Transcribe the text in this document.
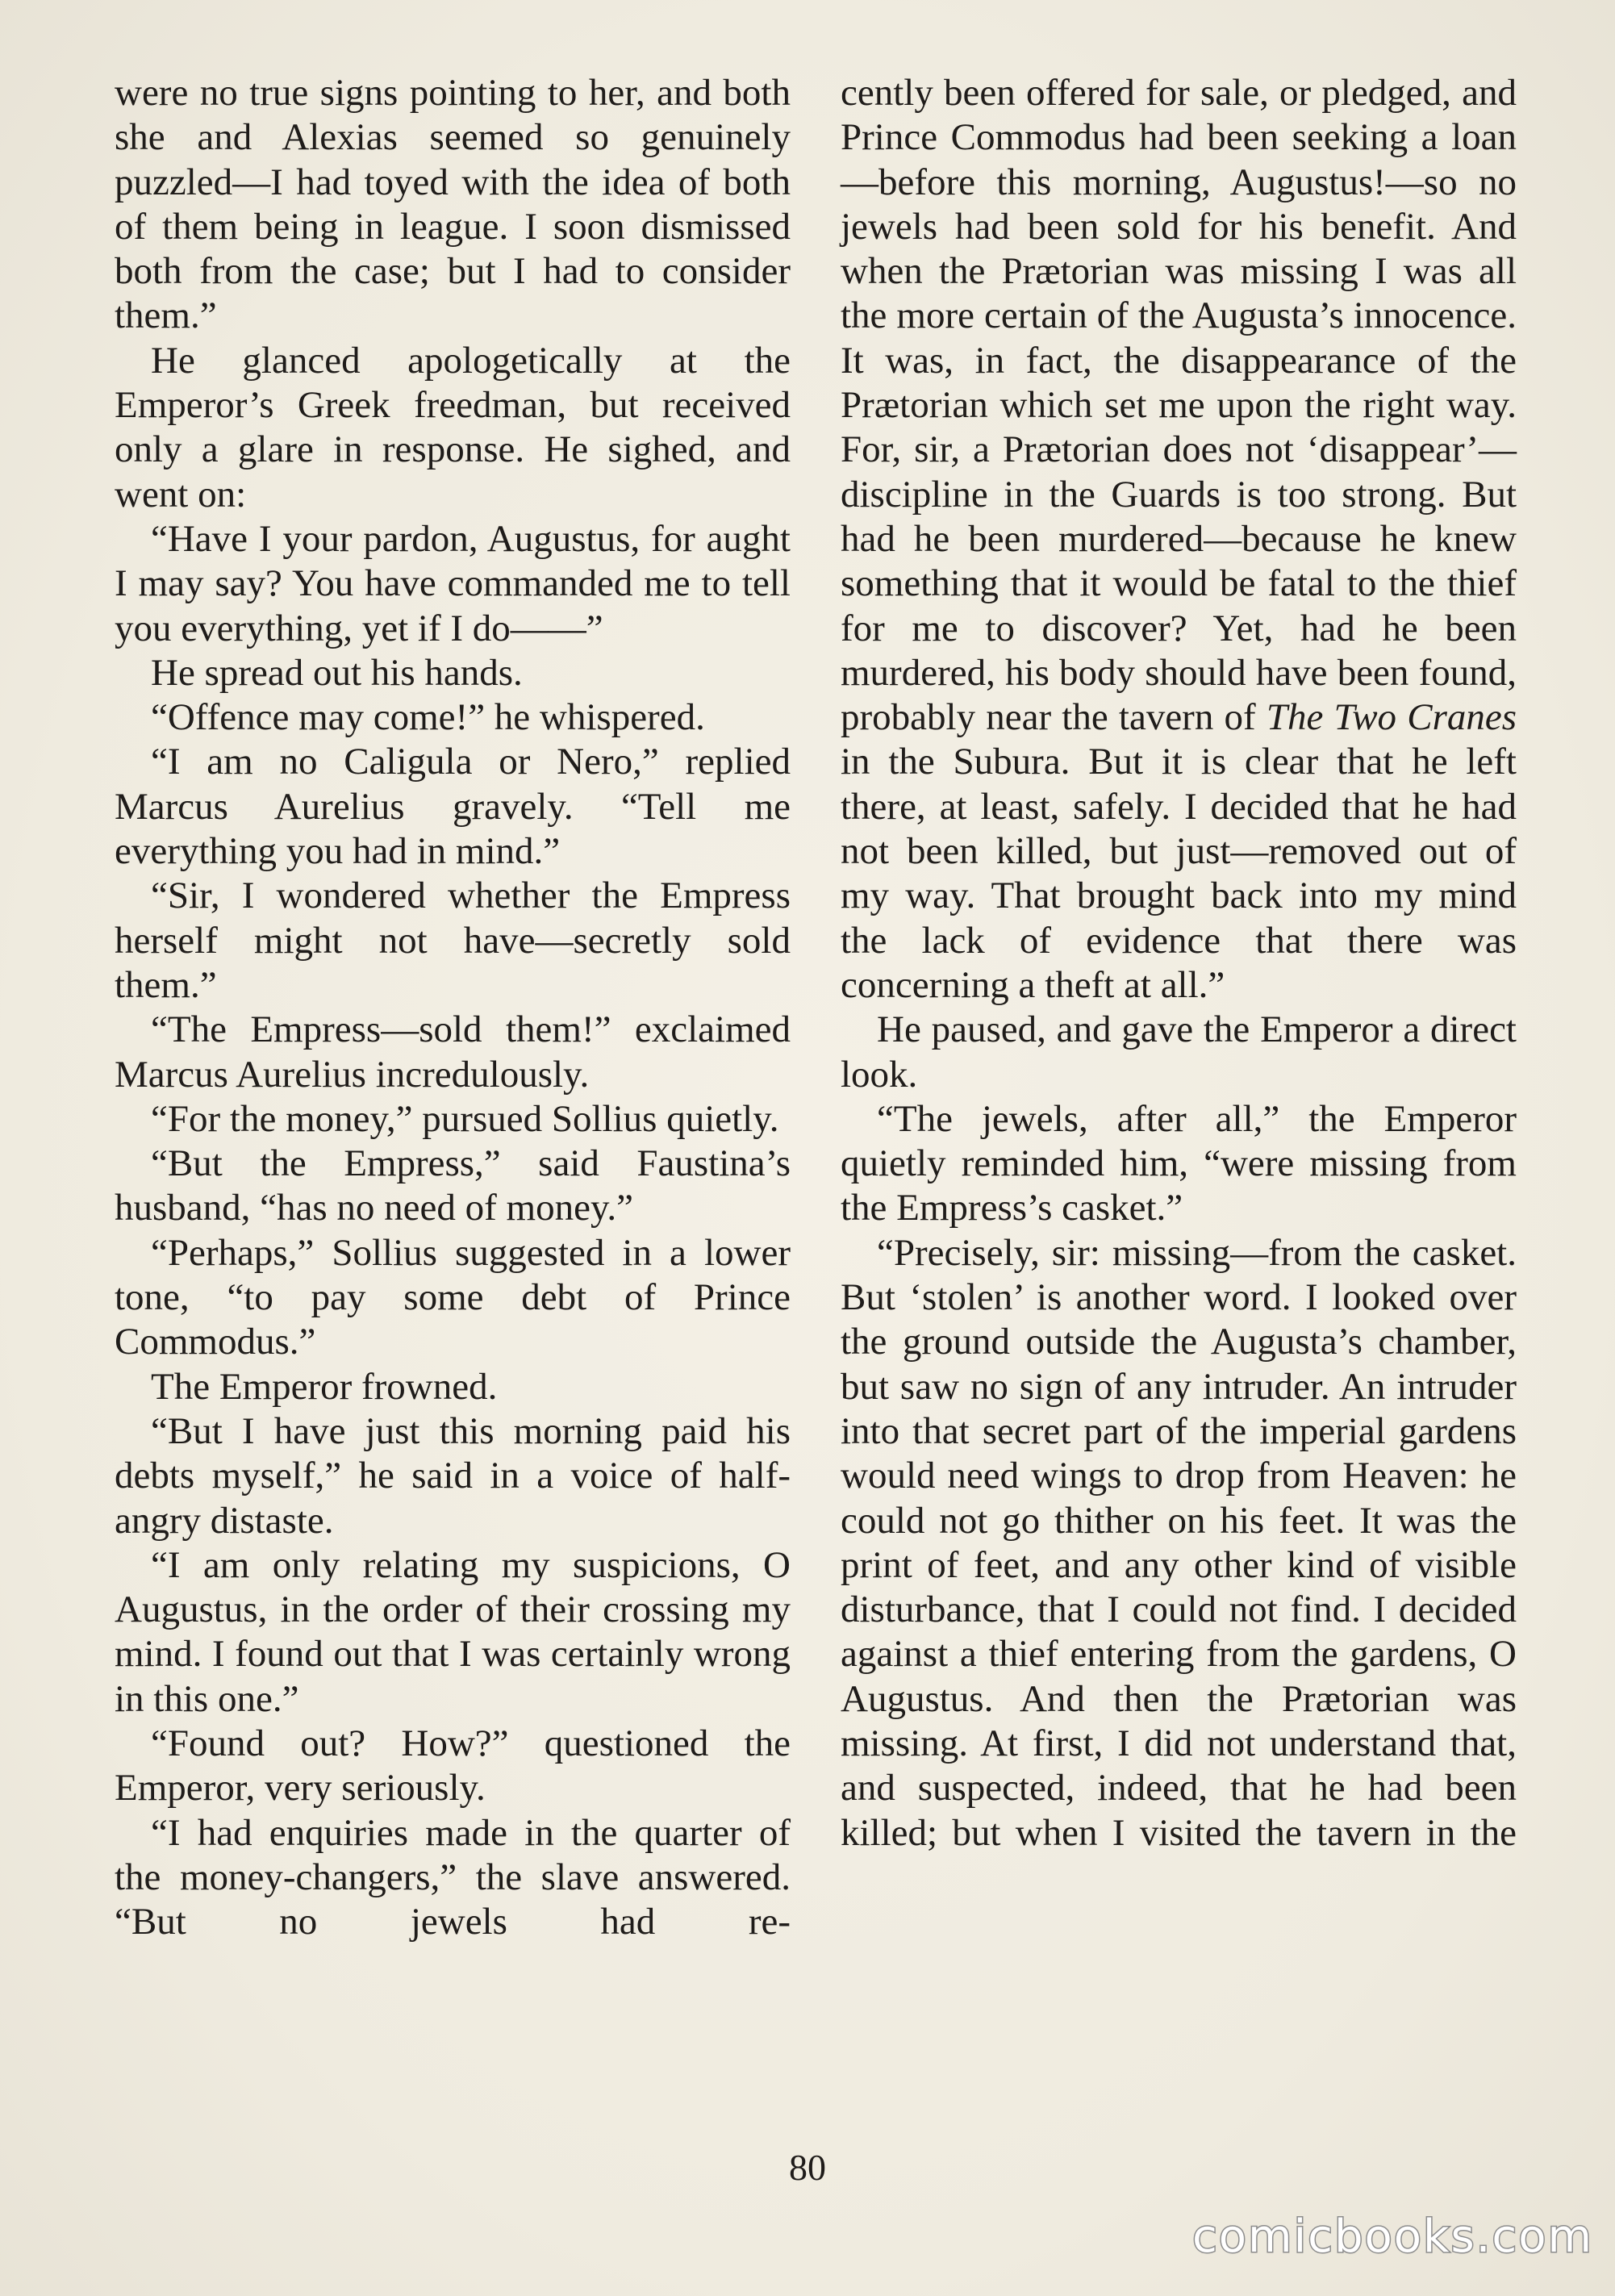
were no true signs pointing to her, and both she and Alexias seemed so genuinely puzzled—I had toyed with the idea of both of them being in league. I soon dismissed both from the case; but I had to consider them.”

He glanced apologetically at the Emperor’s Greek freedman, but received only a glare in response. He sighed, and went on:

“Have I your pardon, Augustus, for aught I may say? You have commanded me to tell you everything, yet if I do——”

He spread out his hands.

“Offence may come!” he whispered.

“I am no Caligula or Nero,” replied Marcus Aurelius gravely. “Tell me everything you had in mind.”

“Sir, I wondered whether the Empress herself might not have—secretly sold them.”

“The Empress—sold them!” exclaimed Marcus Aurelius incredulously.

“For the money,” pursued Sollius quietly.

“But the Empress,” said Faustina’s husband, “has no need of money.”

“Perhaps,” Sollius suggested in a lower tone, “to pay some debt of Prince Commodus.”

The Emperor frowned.

“But I have just this morning paid his debts myself,” he said in a voice of half-angry distaste.

“I am only relating my suspicions, O Augustus, in the order of their crossing my mind. I found out that I was certainly wrong in this one.”

“Found out? How?” questioned the Emperor, very seriously.

“I had enquiries made in the quarter of the money-changers,” the slave answered. “But no jewels had re-

cently been offered for sale, or pledged, and Prince Commodus had been seeking a loan—before this morning, Augustus!—so no jewels had been sold for his benefit. And when the Prætorian was missing I was all the more certain of the Augusta’s innocence. It was, in fact, the disappearance of the Prætorian which set me upon the right way. For, sir, a Prætorian does not ‘disappear’—discipline in the Guards is too strong. But had he been murdered—because he knew something that it would be fatal to the thief for me to discover? Yet, had he been murdered, his body should have been found, probably near the tavern of The Two Cranes in the Subura. But it is clear that he left there, at least, safely. I decided that he had not been killed, but just—removed out of my way. That brought back into my mind the lack of evidence that there was concerning a theft at all.”

He paused, and gave the Emperor a direct look.

“The jewels, after all,” the Emperor quietly reminded him, “were missing from the Empress’s casket.”

“Precisely, sir: missing—from the casket. But ‘stolen’ is another word. I looked over the ground outside the Augusta’s chamber, but saw no sign of any intruder. An intruder into that secret part of the imperial gardens would need wings to drop from Heaven: he could not go thither on his feet. It was the print of feet, and any other kind of visible disturbance, that I could not find. I decided against a thief entering from the gardens, O Augustus. And then the Prætorian was missing. At first, I did not understand that, and suspected, indeed, that he had been killed; but when I visited the tavern in the

80
comicbooks.com
